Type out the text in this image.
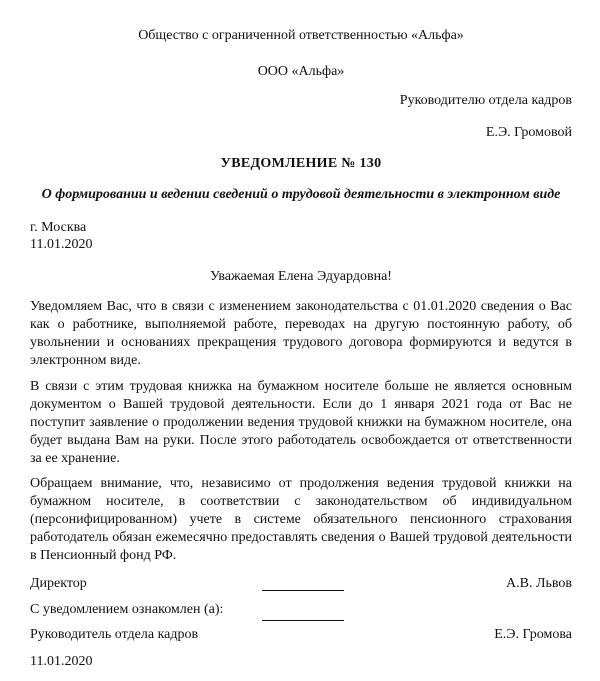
Общество с ограниченной ответственностью «Альфа»
ООО «Альфа»
Руководителю отдела кадров
Е.Э. Громовой
УВЕДОМЛЕНИЕ № 130
О формировании и ведении сведений о трудовой деятельности в электронном виде
г. Москва
11.01.2020
Уважаемая Елена Эдуардовна!

Уведомляем Вас, что в связи с изменением законодательства с 01.01.2020 сведения о Вас как о работнике, выполняемой работе, переводах на другую постоянную работу, об увольнении и основаниях прекращения трудового договора формируются и ведутся в электронном виде.

В связи с этим трудовая книжка на бумажном носителе больше не является основным документом о Вашей трудовой деятельности. Если до 1 января 2021 года от Вас не поступит заявление о продолжении ведения трудовой книжки на бумажном носителе, она будет выдана Вам на руки. После этого работодатель освобождается от ответственности за ее хранение.

Обращаем внимание, что, независимо от продолжения ведения трудовой книжки на бумажном носителе, в соответствии с законодательством об индивидуальном (персонифицированном) учете в системе обязательного пенсионного страхования работодатель обязан ежемесячно предоставлять сведения о Вашей трудовой деятельности в Пенсионный фонд РФ.

Директор	А.В. Львов
С уведомлением ознакомлен (а):
Руководитель отдела кадров	Е.Э. Громова
11.01.2020
